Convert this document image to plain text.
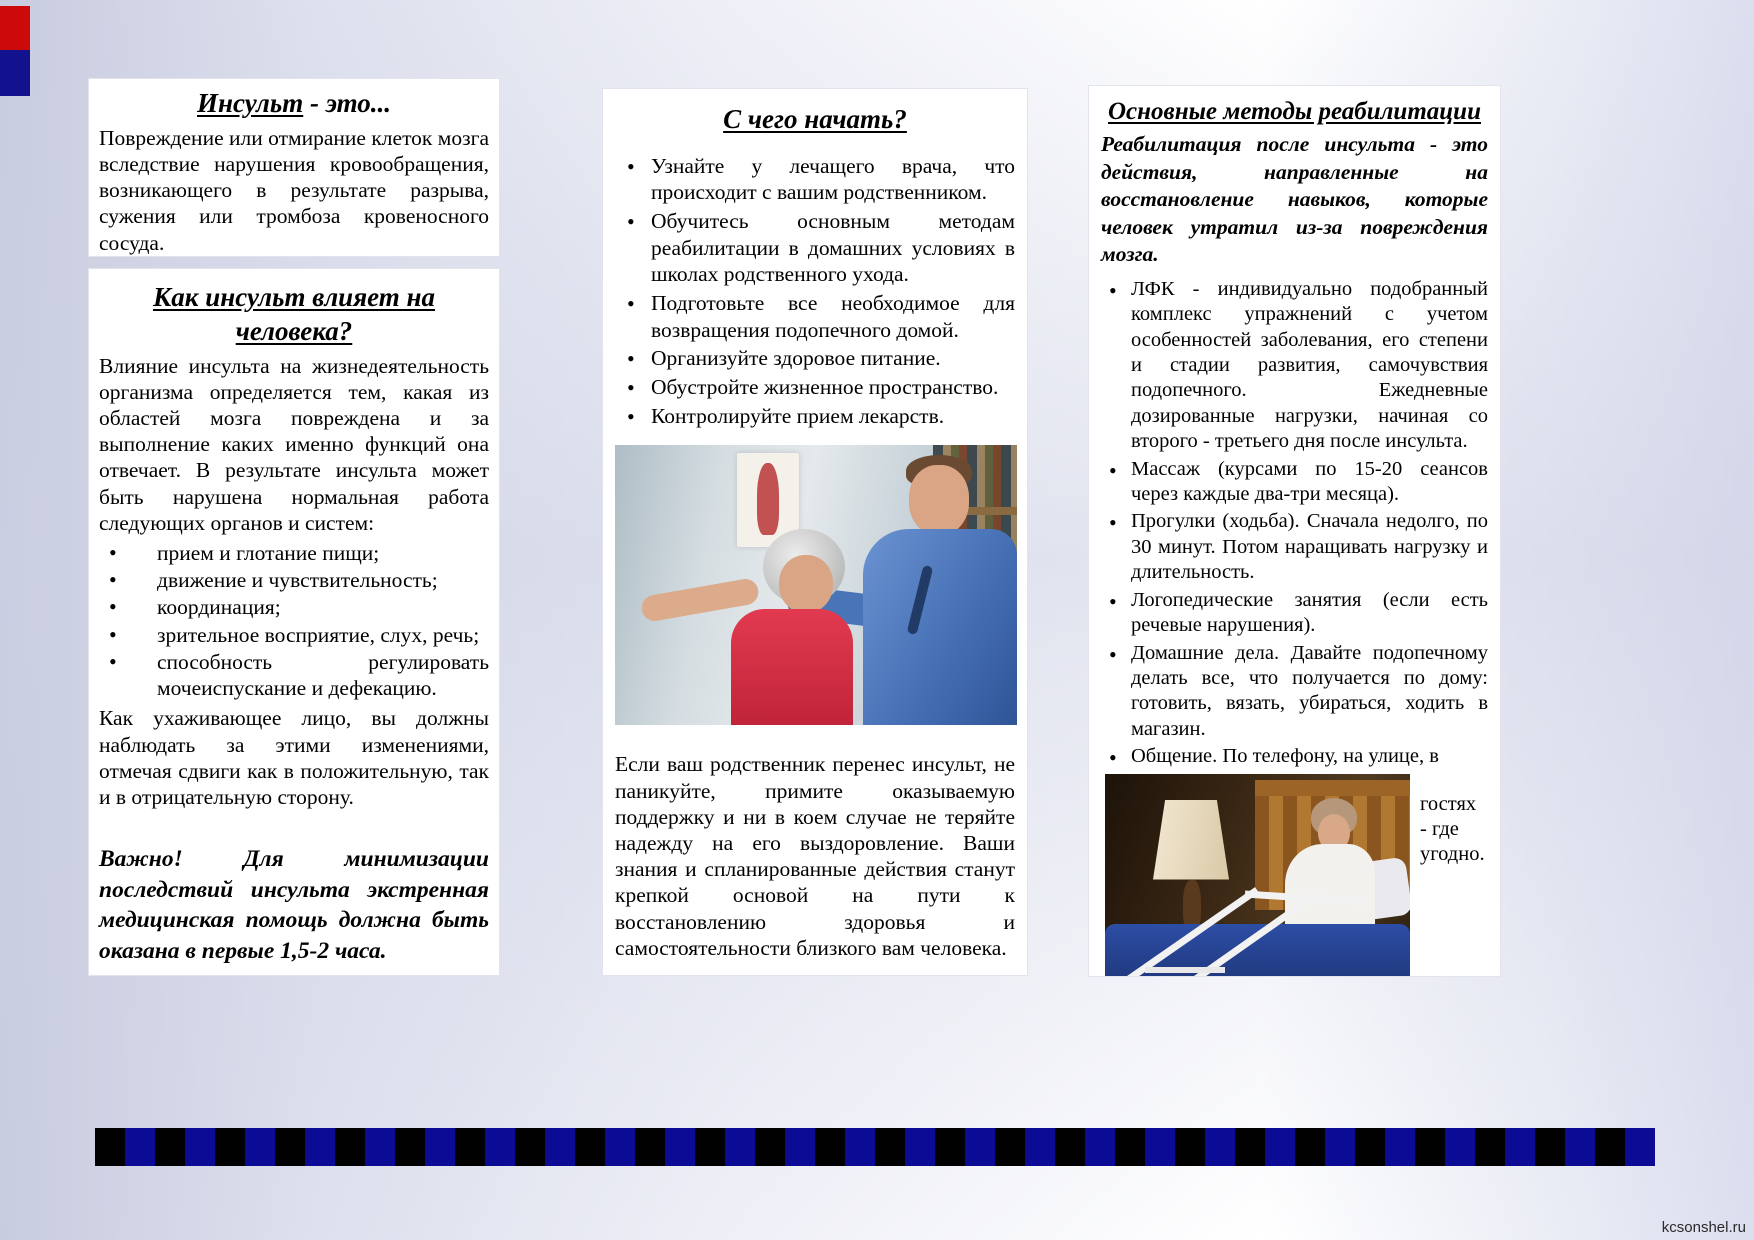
Инсульт - это...
Повреждение или отмирание клеток мозга вследствие нарушения кровообращения, возникающего в результате разрыва, сужения или тромбоза кровеносного сосуда.
Как инсульт влияет на человека?
Влияние инсульта на жизнедеятельность организма определяется тем, какая из областей мозга повреждена и за выполнение каких именно функций она отвечает. В результате инсульта может быть нарушена нормальная работа следующих органов и систем:
• прием и глотание пищи;
• движение и чувствительность;
• координация;
• зрительное восприятие, слух, речь;
• способность регулировать мочеиспускание и дефекацию.
Как ухаживающее лицо, вы должны наблюдать за этими изменениями, отмечая сдвиги как в положительную, так и в отрицательную сторону.
Важно! Для минимизации последствий инсульта экстренная медицинская помощь должна быть оказана в первые 1,5-2 часа.
С чего начать?
• Узнайте у лечащего врача, что происходит с вашим родственником.
• Обучитесь основным методам реабилитации в домашних условиях в школах родственного ухода.
• Подготовьте все необходимое для возвращения подопечного домой.
• Организуйте здоровое питание.
• Обустройте жизненное пространство.
• Контролируйте прием лекарств.
Если ваш родственник перенес инсульт, не паникуйте, примите оказываемую поддержку и ни в коем случае не теряйте надежду на его выздоровление. Ваши знания и спланированные действия станут крепкой основой на пути к восстановлению здоровья и самостоятельности близкого вам человека.
Основные методы реабилитации
Реабилитация после инсульта - это действия, направленные на восстановление навыков, которые человек утратил из-за повреждения мозга.
• ЛФК - индивидуально подобранный комплекс упражнений с учетом особенностей заболевания, его степени и стадии развития, самочувствия подопечного. Ежедневные дозированные нагрузки, начиная со второго - третьего дня после инсульта.
• Массаж (курсами по 15-20 сеансов через каждые два-три месяца).
• Прогулки (ходьба). Сначала недолго, по 30 минут. Потом наращивать нагрузку и длительность.
• Логопедические занятия (если есть речевые нарушения).
• Домашние дела. Давайте подопечному делать все, что получается по дому: готовить, вязать, убираться, ходить в магазин.
• Общение. По телефону, на улице, в
гостях - где угодно.
kcsonshel.ru
